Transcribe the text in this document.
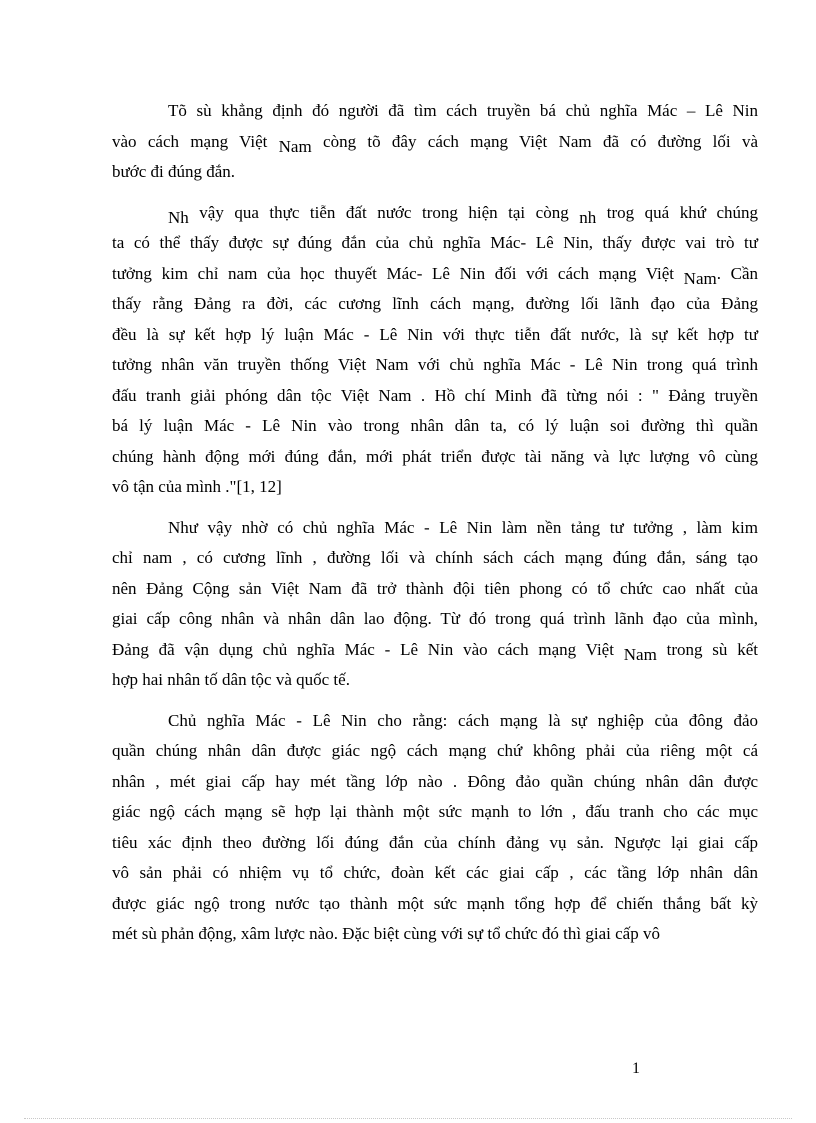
Tõ sù khẳng định đó người đã tìm cách truyền bá chủ nghĩa Mác – Lê Nin
vào cách mạng Việt Nam còng tõ đây cách mạng Việt Nam đã có đường lối và
bước đi đúng đắn.
Nh vậy qua thực tiễn đất nước trong hiện tại còng nh trog quá khứ chúng
ta có thể thấy được sự đúng đắn của chủ nghĩa Mác- Lê Nin, thấy được vai trò tư
tưởng kim chỉ nam của học thuyết Mác- Lê Nin đối với cách mạng Việt Nam. Cần
thấy rằng Đảng ra đời, các cương lĩnh cách mạng, đường lối lãnh đạo của Đảng
đều là sự kết hợp lý luận Mác - Lê Nin với thực tiễn đất nước, là sự kết hợp tư
tưởng nhân văn truyền thống Việt Nam với chủ nghĩa Mác - Lê Nin trong quá trình
đấu tranh giải phóng dân tộc Việt Nam . Hồ chí Minh đã từng nói : " Đảng truyền
bá lý luận Mác - Lê Nin vào trong nhân dân ta, có lý luận soi đường thì quần
chúng hành động mới đúng đắn, mới phát triển được tài năng và lực lượng vô cùng
vô tận của mình ."[1, 12]
Như vậy nhờ có chủ nghĩa Mác - Lê Nin làm nền tảng tư tưởng , làm kim
chỉ nam , có cương lĩnh , đường lối và chính sách cách mạng đúng đắn, sáng tạo
nên Đảng Cộng sản Việt Nam đã trở thành đội tiên phong có tổ chức cao nhất của
giai cấp công nhân và nhân dân lao động. Từ đó trong quá trình lãnh đạo của mình,
Đảng đã vận dụng chủ nghĩa Mác - Lê Nin vào cách mạng Việt Nam trong sù kết
hợp hai nhân tố dân tộc và quốc tế.
Chủ nghĩa Mác - Lê Nin cho rằng: cách mạng là sự nghiệp của đông đảo
quần chúng nhân dân được giác ngộ cách mạng chứ không phải của riêng một cá
nhân , mét giai cấp hay mét tầng lớp nào . Đông đảo quần chúng nhân dân được
giác ngộ cách mạng sẽ hợp lại thành một sức mạnh to lớn , đấu tranh cho các mục
tiêu xác định theo đường lối đúng đắn của chính đảng vụ sản. Ngược lại giai cấp
vô sản phải có nhiệm vụ tổ chức, đoàn kết các giai cấp , các tầng lớp nhân dân
được giác ngộ trong nước tạo thành một sức mạnh tổng hợp để chiến thắng bất kỳ
mét sù phản động, xâm lược nào. Đặc biệt cùng với sự tổ chức đó thì giai cấp vô
1
